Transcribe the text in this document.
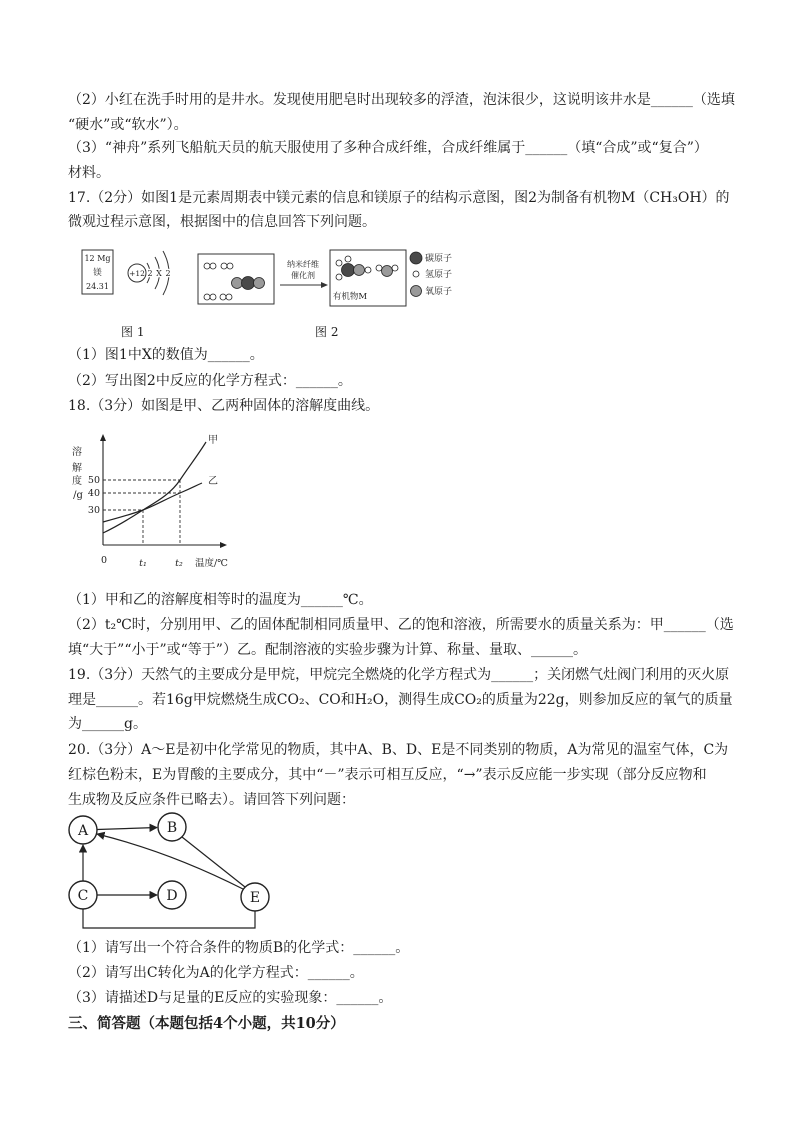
（2）小红在洗手时用的是井水。发现使用肥皂时出现较多的浮渣，泡沫很少，这说明该井水是______（选填
“硬水”或“软水”）。
（3）“神舟”系列飞船航天员的航天服使用了多种合成纤维，合成纤维属于______（填“合成”或“复合”）
材料。
17.（2分）如图1是元素周期表中镁元素的信息和镁原子的结构示意图，图2为制备有机物M（CH₃OH）的
微观过程示意图，根据图中的信息回答下列问题。
12 Mg
镁
24.31
+12 2 X 2
纳米纤维
催化剂
有机物M
碳原子
氢原子
氧原子
图 1	图 2
（1）图1中X的数值为______。
（2）写出图2中反应的化学方程式：______。
18.（3分）如图是甲、乙两种固体的溶解度曲线。
溶
解
度
/g
50
40
30
甲
乙
0	t₁	t₂ 温度/℃
（1）甲和乙的溶解度相等时的温度为______℃。
（2）t₂℃时，分别用甲、乙的固体配制相同质量甲、乙的饱和溶液，所需要水的质量关系为：甲______（选
填“大于”“小于”或“等于”）乙。配制溶液的实验步骤为计算、称量、量取、______。
19.（3分）天然气的主要成分是甲烷，甲烷完全燃烧的化学方程式为______；关闭燃气灶阀门利用的灭火原
理是______。若16g甲烷燃烧生成CO₂、CO和H₂O，测得生成CO₂的质量为22g，则参加反应的氧气的质量
为______g。
20.（3分）A～E是初中化学常见的物质，其中A、B、D、E是不同类别的物质，A为常见的温室气体，C为
红棕色粉末，E为胃酸的主要成分，其中“－”表示可相互反应，“→”表示反应能一步实现（部分反应物和
生成物及反应条件已略去）。请回答下列问题：
A	B
C	D	E
（1）请写出一个符合条件的物质B的化学式：______。
（2）请写出C转化为A的化学方程式：______。
（3）请描述D与足量的E反应的实验现象：______。
三、简答题（本题包括4个小题，共10分）
